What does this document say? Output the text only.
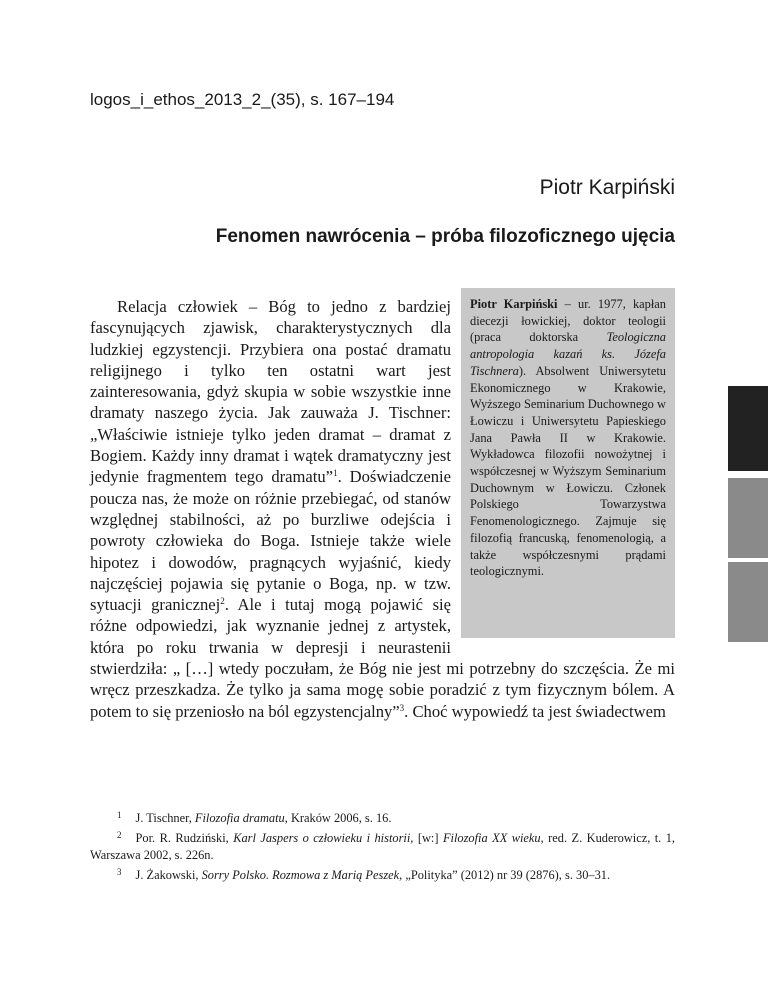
logos_i_ethos_2013_2_(35), s. 167–194
Piotr Karpiński
Fenomen nawrócenia – próba filozoficznego ujęcia

Piotr Karpiński – ur. 1977, kapłan diecezji łowickiej, doktor teologii (praca doktorska Teologiczna antropologia kazań ks. Józefa Tischnera). Absolwent Uniwersytetu Ekonomicznego w Krakowie, Wyższego Seminarium Duchownego w Łowiczu i Uniwersytetu Papieskiego Jana Pawła II w Krakowie. Wykładowca filozofii nowożytnej i współczesnej w Wyższym Seminarium Duchownym w Łowiczu. Członek Polskiego Towarzystwa Fenomenologicznego. Zajmuje się filozofią francuską, fenomenologią, a także współczesnymi prądami teologicznymi.

Relacja człowiek – Bóg to jedno z bardziej fascynujących zjawisk, charakterystycznych dla ludzkiej egzystencji. Przybiera ona postać dramatu religijnego i tylko ten ostatni wart jest zainteresowania, gdyż skupia w sobie wszystkie inne dramaty naszego życia. Jak zauważa J. Tischner: „Właściwie istnieje tylko jeden dramat – dramat z Bogiem. Każdy inny dramat i wątek dramatyczny jest jedynie fragmentem tego dramatu”$^1$. Doświadczenie poucza nas, że może on różnie przebiegać, od stanów względnej stabilności, aż po burzliwe odejścia i powroty człowieka do Boga. Istnieje także wiele hipotez i dowodów, pragnących wyjaśnić, kiedy najczęściej pojawia się pytanie o Boga, np. w tzw. sytuacji granicznej$^2$. Ale i tutaj mogą pojawić się różne odpowiedzi, jak wyznanie jednej z artystek, która po roku trwania w depresji i neurastenii stwierdziła: „ […] wtedy poczułam, że Bóg nie jest mi potrzebny do szczęścia. Że mi wręcz przeszkadza. Że tylko ja sama mogę sobie poradzić z tym fizycznym bólem. A potem to się przeniosło na ból egzystencjalny”$^3$. Choć wypowiedź ta jest świadectwem

$^1$ J. Tischner, Filozofia dramatu, Kraków 2006, s. 16.

$^2$ Por. R. Rudziński, Karl Jaspers o człowieku i historii, [w:] Filozofia XX wieku, red. Z. Kuderowicz, t. 1, Warszawa 2002, s. 226n.

$^3$ J. Żakowski, Sorry Polsko. Rozmowa z Marią Peszek, „Polityka” (2012) nr 39 (2876), s. 30–31.
